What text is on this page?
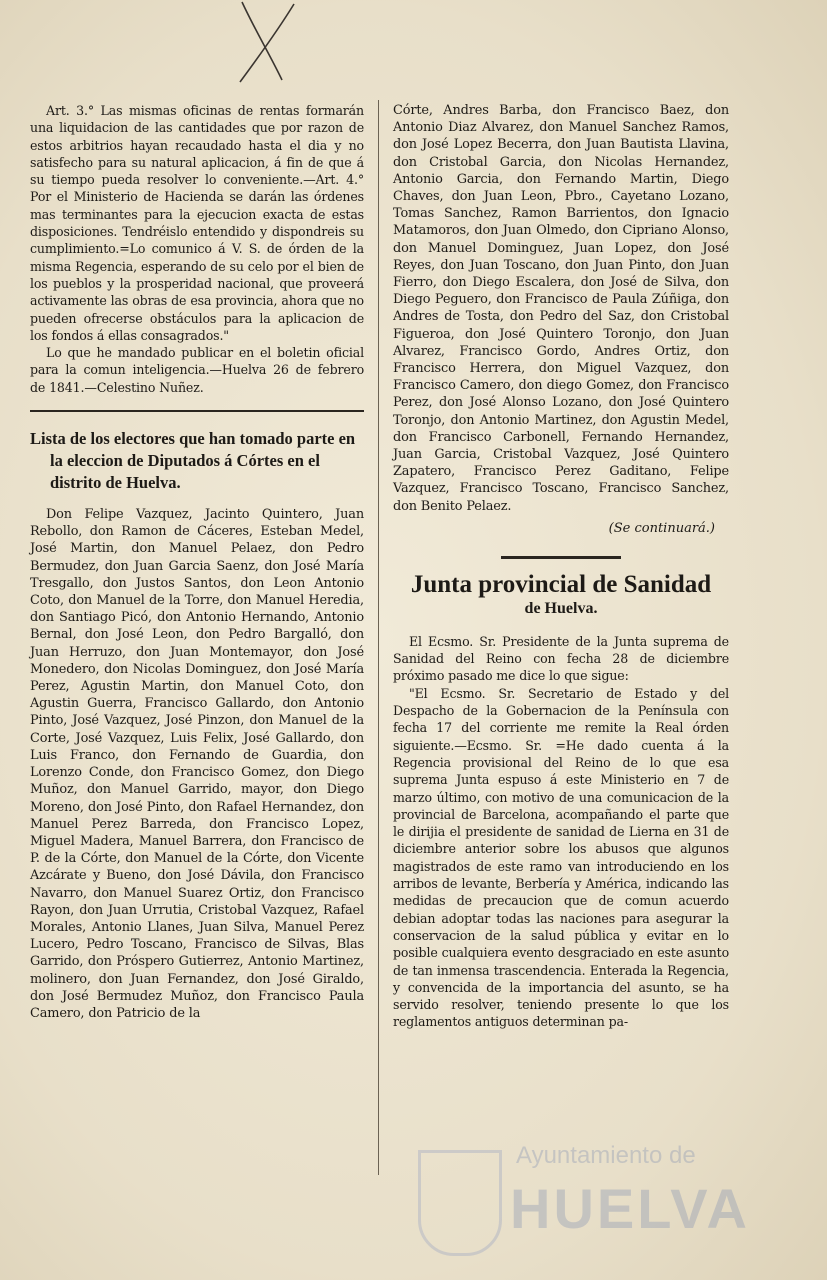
Art. 3.° Las mismas oficinas de rentas formarán una liquidacion de las cantidades que por razon de estos arbitrios hayan recaudado hasta el dia y no satisfecho para su natural aplicacion, á fin de que á su tiempo pueda resolver lo conveniente.—Art. 4.° Por el Ministerio de Hacienda se darán las órdenes mas terminantes para la ejecucion exacta de estas disposiciones. Tendréislo entendido y dispondreis su cumplimiento.=Lo comunico á V. S. de órden de la misma Regencia, esperando de su celo por el bien de los pueblos y la prosperidad nacional, que proveerá activamente las obras de esa provincia, ahora que no pueden ofrecerse obstáculos para la aplicacion de los fondos á ellas consagrados."

Lo que he mandado publicar en el boletin oficial para la comun inteligencia.—Huelva 26 de febrero de 1841.—Celestino Nuñez.

Lista de los electores que han tomado parte en la eleccion de Diputados á Córtes en el distrito de Huelva.

Don Felipe Vazquez, Jacinto Quintero, Juan Rebollo, don Ramon de Cáceres, Esteban Medel, José Martin, don Manuel Pelaez, don Pedro Bermudez, don Juan Garcia Saenz, don José María Tresgallo, don Justos Santos, don Leon Antonio Coto, don Manuel de la Torre, don Manuel Heredia, don Santiago Picó, don Antonio Hernando, Antonio Bernal, don José Leon, don Pedro Bargalló, don Juan Herruzo, don Juan Montemayor, don José Monedero, don Nicolas Dominguez, don José María Perez, Agustin Martin, don Manuel Coto, don Agustin Guerra, Francisco Gallardo, don Antonio Pinto, José Vazquez, José Pinzon, don Manuel de la Corte, José Vazquez, Luis Felix, José Gallardo, don Luis Franco, don Fernando de Guardia, don Lorenzo Conde, don Francisco Gomez, don Diego Muñoz, don Manuel Garrido, mayor, don Diego Moreno, don José Pinto, don Rafael Hernandez, don Manuel Perez Barreda, don Francisco Lopez, Miguel Madera, Manuel Barrera, don Francisco de P. de la Córte, don Manuel de la Córte, don Vicente Azcárate y Bueno, don José Dávila, don Francisco Navarro, don Manuel Suarez Ortiz, don Francisco Rayon, don Juan Urrutia, Cristobal Vazquez, Rafael Morales, Antonio Llanes, Juan Silva, Manuel Perez Lucero, Pedro Toscano, Francisco de Silvas, Blas Garrido, don Próspero Gutierrez, Antonio Martinez, molinero, don Juan Fernandez, don José Giraldo, don José Bermudez Muñoz, don Francisco Paula Camero, don Patricio de la

Córte, Andres Barba, don Francisco Baez, don Antonio Diaz Alvarez, don Manuel Sanchez Ramos, don José Lopez Becerra, don Juan Bautista Llavina, don Cristobal Garcia, don Nicolas Hernandez, Antonio Garcia, don Fernando Martin, Diego Chaves, don Juan Leon, Pbro., Cayetano Lozano, Tomas Sanchez, Ramon Barrientos, don Ignacio Matamoros, don Juan Olmedo, don Cipriano Alonso, don Manuel Dominguez, Juan Lopez, don José Reyes, don Juan Toscano, don Juan Pinto, don Juan Fierro, don Diego Escalera, don José de Silva, don Diego Peguero, don Francisco de Paula Zúñiga, don Andres de Tosta, don Pedro del Saz, don Cristobal Figueroa, don José Quintero Toronjo, don Juan Alvarez, Francisco Gordo, Andres Ortiz, don Francisco Herrera, don Miguel Vazquez, don Francisco Camero, don diego Gomez, don Francisco Perez, don José Alonso Lozano, don José Quintero Toronjo, don Antonio Martinez, don Agustin Medel, don Francisco Carbonell, Fernando Hernandez, Juan Garcia, Cristobal Vazquez, José Quintero Zapatero, Francisco Perez Gaditano, Felipe Vazquez, Francisco Toscano, Francisco Sanchez, don Benito Pelaez.

(Se continuará.)
Junta provincial de Sanidad
de Huelva.

El Ecsmo. Sr. Presidente de la Junta suprema de Sanidad del Reino con fecha 28 de diciembre próximo pasado me dice lo que sigue:

"El Ecsmo. Sr. Secretario de Estado y del Despacho de la Gobernacion de la Península con fecha 17 del corriente me remite la Real órden siguiente.—Ecsmo. Sr. =He dado cuenta á la Regencia provisional del Reino de lo que esa suprema Junta espuso á este Ministerio en 7 de marzo último, con motivo de una comunicacion de la provincial de Barcelona, acompañando el parte que le dirijia el presidente de sanidad de Lierna en 31 de diciembre anterior sobre los abusos que algunos magistrados de este ramo van introduciendo en los arribos de levante, Berbería y América, indicando las medidas de precaucion que de comun acuerdo debian adoptar todas las naciones para asegurar la conservacion de la salud pública y evitar en lo posible cualquiera evento desgraciado en este asunto de tan inmensa trascendencia. Enterada la Regencia, y convencida de la importancia del asunto, se ha servido resolver, teniendo presente lo que los reglamentos antiguos determinan pa-

Ayuntamiento de
HUELVA
